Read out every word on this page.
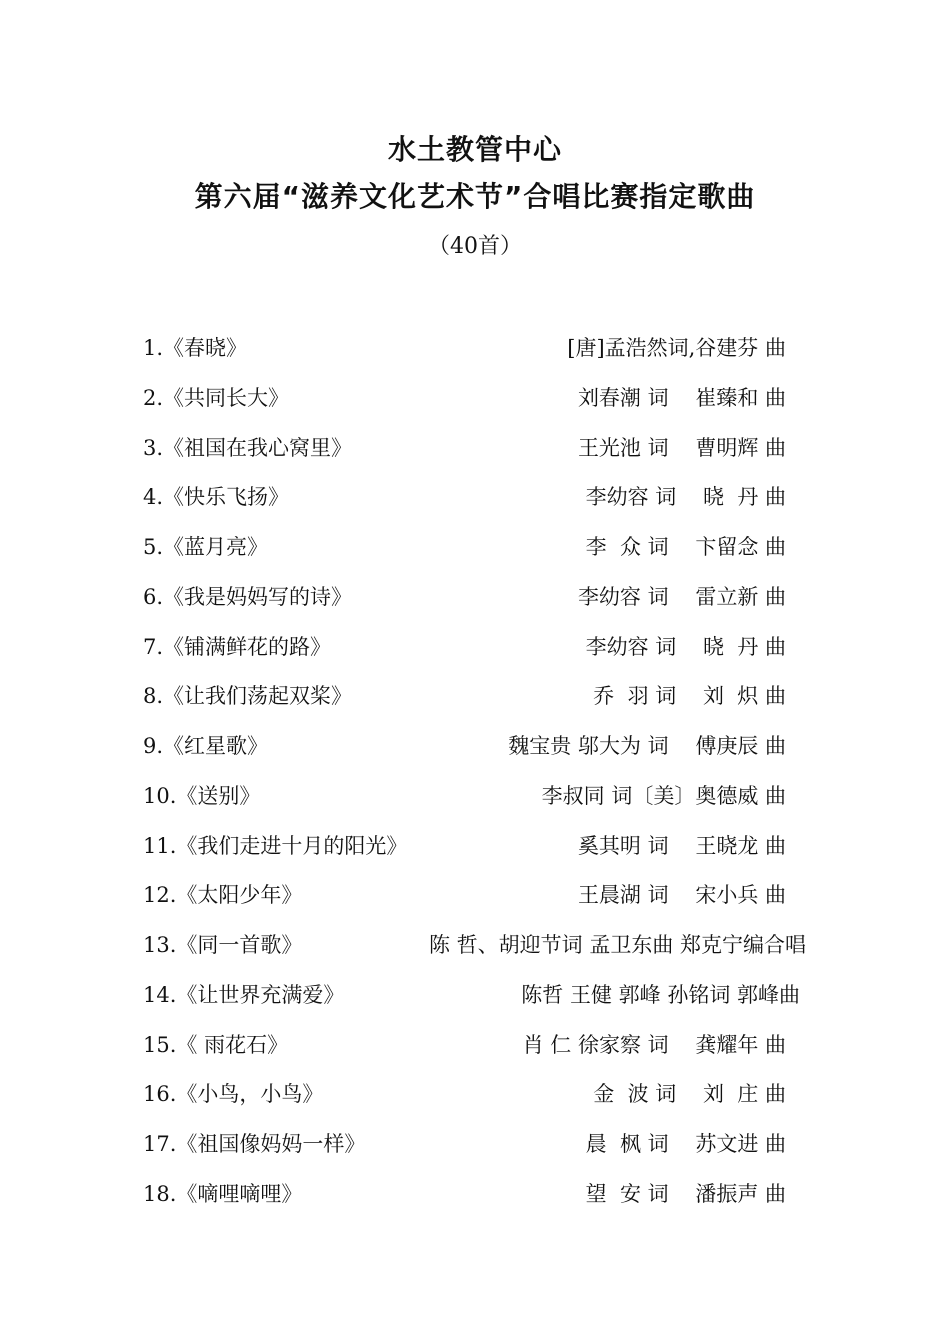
水土教管中心
第六届“滋养文化艺术节”合唱比赛指定歌曲
（40首）
1.《春晓》	[唐]孟浩然词,谷建芬 曲
2.《共同长大》	刘春潮 词    崔臻和 曲
3.《祖国在我心窝里》	王光池 词    曹明辉 曲
4.《快乐飞扬》	李幼容 词    晓  丹 曲
5.《蓝月亮》	李  众 词    卞留念 曲
6.《我是妈妈写的诗》	李幼容 词    雷立新 曲
7.《铺满鲜花的路》	李幼容 词    晓  丹 曲
8.《让我们荡起双桨》	乔  羽 词    刘  炽 曲
9.《红星歌》	魏宝贵 邬大为 词    傅庚辰 曲
10.《送别》	李叔同 词〔美〕奥德威 曲
11.《我们走进十月的阳光》	奚其明 词    王晓龙 曲
12.《太阳少年》	王晨湖 词    宋小兵 曲
13.《同一首歌》	陈 哲、胡迎节词 孟卫东曲 郑克宁编合唱
14.《让世界充满爱》	陈哲 王健 郭峰 孙铭词 郭峰曲
15.《 雨花石》	肖 仁 徐家察 词    龚耀年 曲
16.《小鸟，小鸟》	金  波 词    刘  庄 曲
17.《祖国像妈妈一样》	晨  枫 词    苏文进 曲
18.《嘀哩嘀哩》	望  安 词    潘振声 曲
